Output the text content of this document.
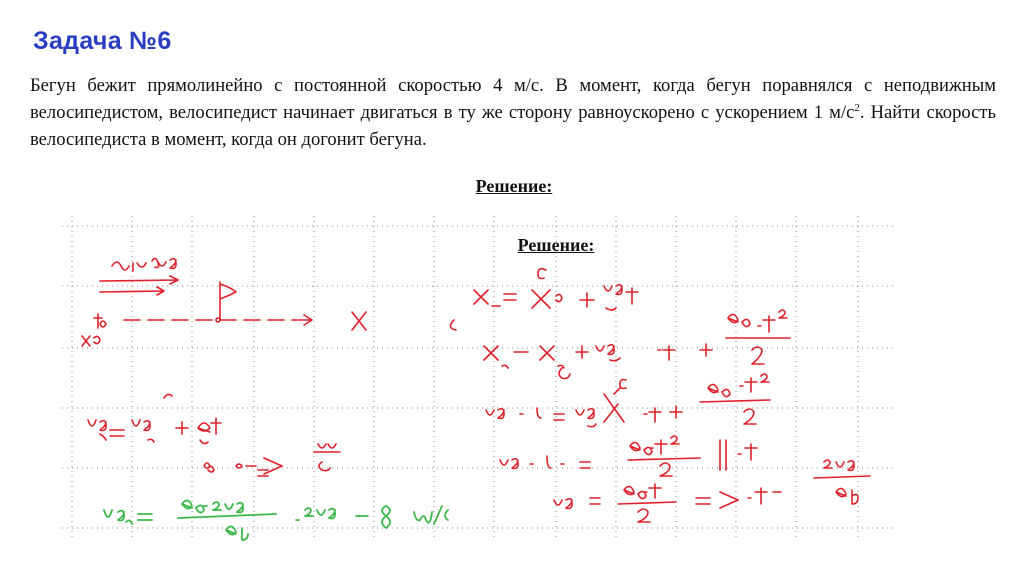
Задача №6
Бегун бежит прямолинейно с постоянной скоростью 4 м/с. В момент, когда бегун поравнялся с неподвижным велосипедистом, велосипедист начинает двигаться в ту же сторону равноускорено с ускорением 1 $м/с^2$. Найти скорость велосипедиста в момент, когда он догонит бегуна.
Решение:
Решение:
